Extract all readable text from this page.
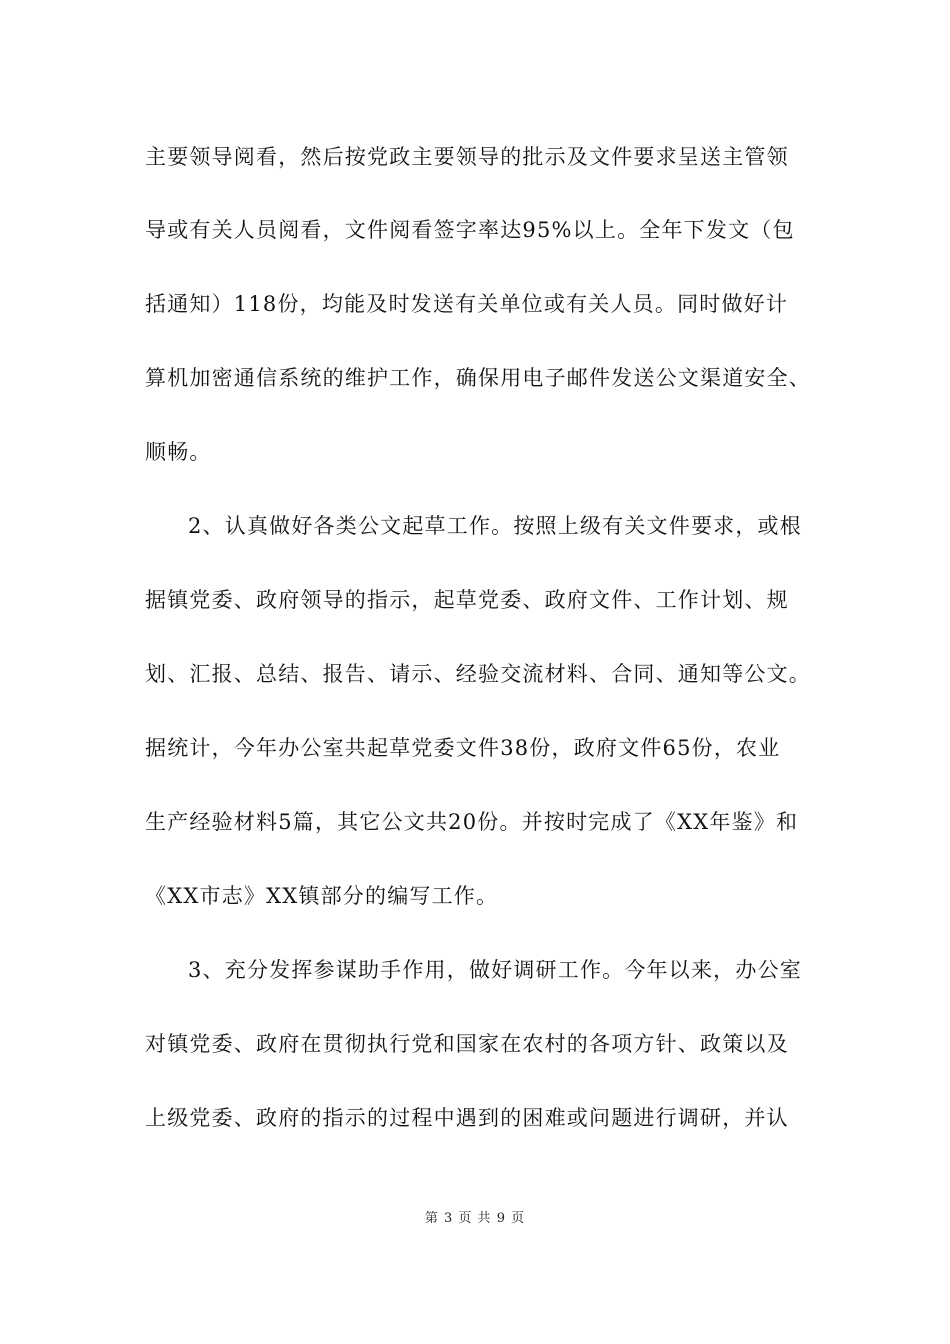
主要领导阅看，然后按党政主要领导的批示及文件要求呈送主管领
导或有关人员阅看，文件阅看签字率达95%以上。全年下发文（包
括通知）118份，均能及时发送有关单位或有关人员。同时做好计
算机加密通信系统的维护工作，确保用电子邮件发送公文渠道安全、
顺畅。
2、认真做好各类公文起草工作。按照上级有关文件要求，或根
据镇党委、政府领导的指示，起草党委、政府文件、工作计划、规
划、汇报、总结、报告、请示、经验交流材料、合同、通知等公文。
据统计，今年办公室共起草党委文件38份，政府文件65份，农业
生产经验材料5篇，其它公文共20份。并按时完成了《XX年鉴》和
《XX市志》XX镇部分的编写工作。
3、充分发挥参谋助手作用，做好调研工作。今年以来，办公室
对镇党委、政府在贯彻执行党和国家在农村的各项方针、政策以及
上级党委、政府的指示的过程中遇到的困难或问题进行调研，并认
第 3 页 共 9 页
